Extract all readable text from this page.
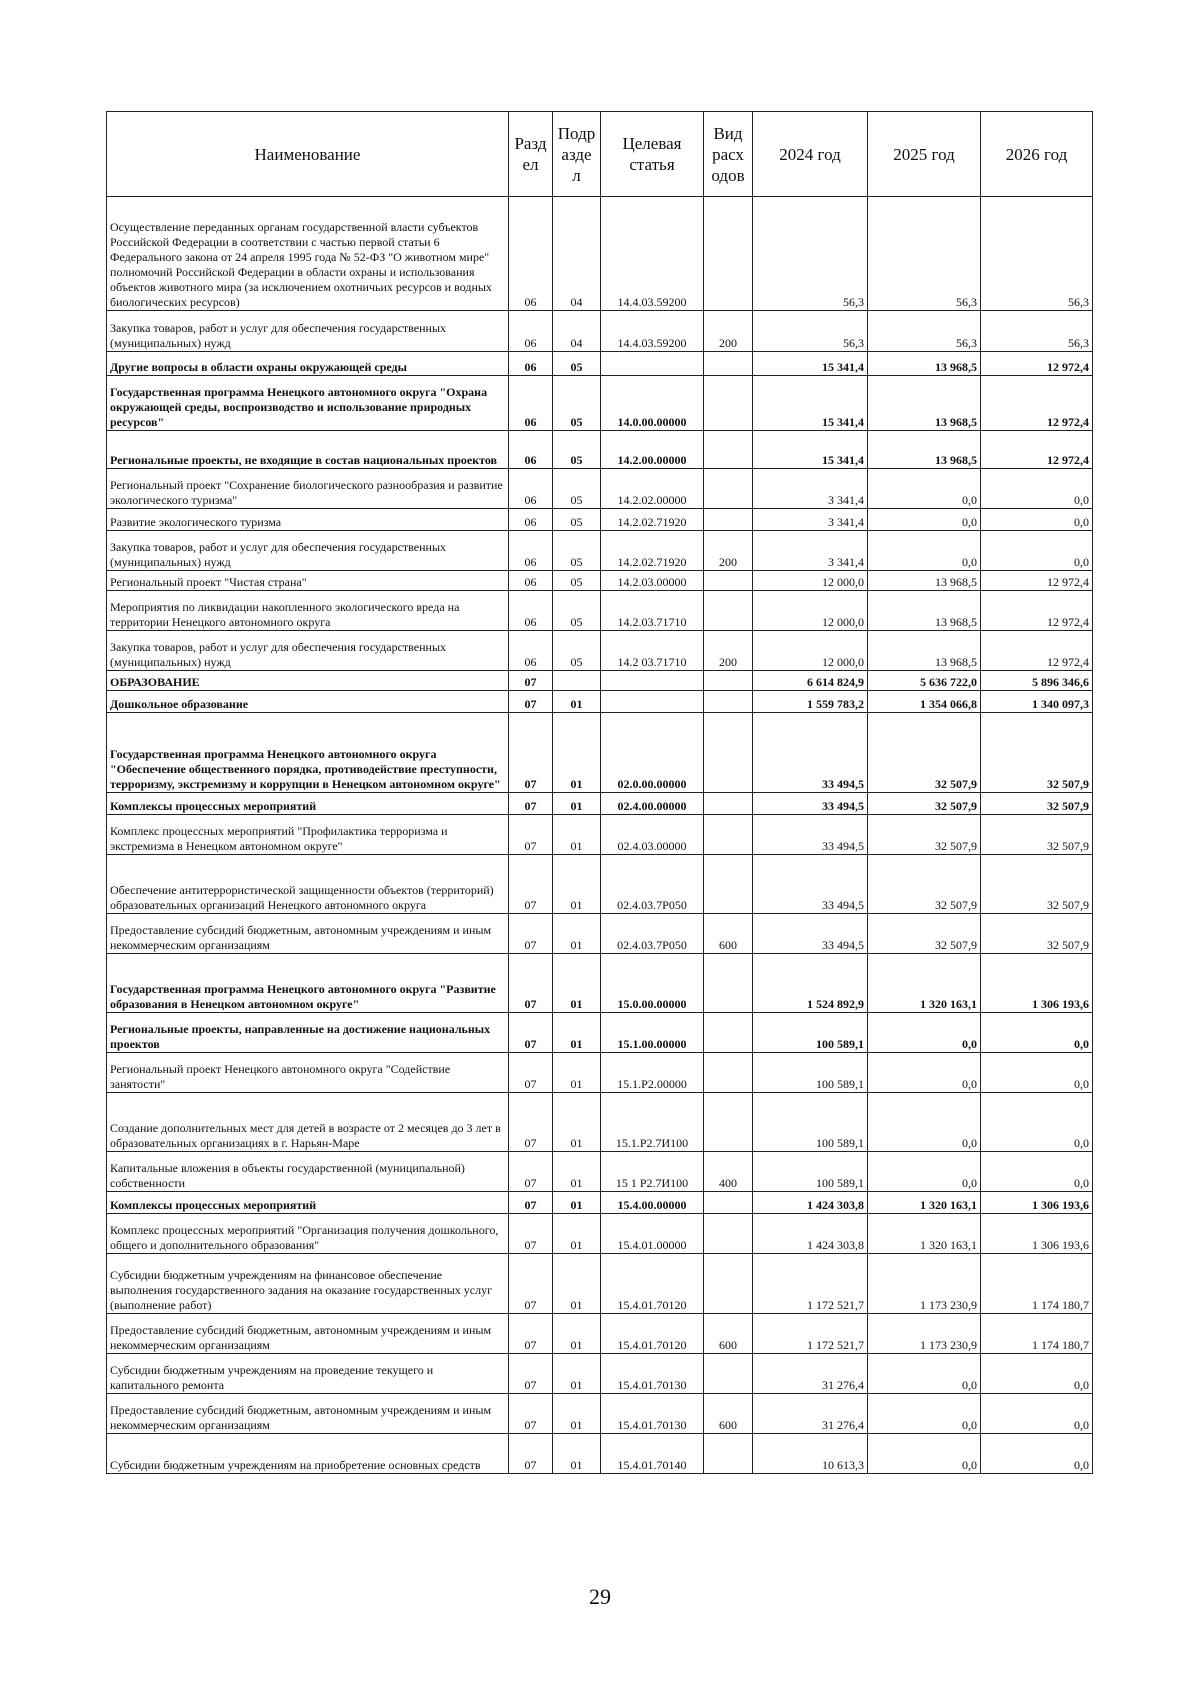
Наименование	Разд ел	Подр азде л	Целевая статья	Вид расх одов	2024 год	2025 год	2026 год
Осуществление переданных органам государственной власти субъектов Российской Федерации в соответствии с частью первой статьи 6 Федерального закона от 24 апреля 1995 года № 52-ФЗ "О животном мире" полномочий Российской Федерации в области охраны и использования объектов животного мира (за исключением охотничьих ресурсов и водных биологических ресурсов)	06	04	14.4.03.59200		56,3	56,3	56,3
Закупка товаров, работ и услуг для обеспечения государственных (муниципальных) нужд	06	04	14.4.03.59200	200	56,3	56,3	56,3
Другие вопросы в области охраны окружающей среды	06	05			15 341,4	13 968,5	12 972,4
Государственная программа Ненецкого автономного округа "Охрана окружающей среды, воспроизводство и использование природных ресурсов"	06	05	14.0.00.00000		15 341,4	13 968,5	12 972,4
Региональные проекты, не входящие в состав национальных проектов	06	05	14.2.00.00000		15 341,4	13 968,5	12 972,4
Региональный проект "Сохранение биологического разнообразия и развитие экологического туризма"	06	05	14.2.02.00000		3 341,4	0,0	0,0
Развитие экологического туризма	06	05	14.2.02.71920		3 341,4	0,0	0,0
Закупка товаров, работ и услуг для обеспечения государственных (муниципальных) нужд	06	05	14.2.02.71920	200	3 341,4	0,0	0,0
Региональный проект "Чистая страна"	06	05	14.2.03.00000		12 000,0	13 968,5	12 972,4
Мероприятия по ликвидации накопленного экологического вреда на территории Ненецкого автономного округа	06	05	14.2.03.71710		12 000,0	13 968,5	12 972,4
Закупка товаров, работ и услуг для обеспечения государственных (муниципальных) нужд	06	05	14.2 03.71710	200	12 000,0	13 968,5	12 972,4
ОБРАЗОВАНИЕ	07				6 614 824,9	5 636 722,0	5 896 346,6
Дошкольное образование	07	01			1 559 783,2	1 354 066,8	1 340 097,3
Государственная программа Ненецкого автономного округа "Обеспечение общественного порядка, противодействие преступности, терроризму, экстремизму и коррупции в Ненецком автономном округе"	07	01	02.0.00.00000		33 494,5	32 507,9	32 507,9
Комплексы процессных мероприятий	07	01	02.4.00.00000		33 494,5	32 507,9	32 507,9
Комплекс процессных мероприятий "Профилактика терроризма и экстремизма в Ненецком автономном округе"	07	01	02.4.03.00000		33 494,5	32 507,9	32 507,9
Обеспечение антитеррористической защищенности объектов (территорий) образовательных организаций Ненецкого автономного округа	07	01	02.4.03.7Р050		33 494,5	32 507,9	32 507,9
Предоставление субсидий бюджетным, автономным учреждениям и иным некоммерческим организациям	07	01	02.4.03.7Р050	600	33 494,5	32 507,9	32 507,9
Государственная программа Ненецкого автономного округа "Развитие образования в Ненецком автономном округе"	07	01	15.0.00.00000		1 524 892,9	1 320 163,1	1 306 193,6
Региональные проекты, направленные на достижение национальных проектов	07	01	15.1.00.00000		100 589,1	0,0	0,0
Региональный проект Ненецкого автономного округа "Содействие занятости"	07	01	15.1.Р2.00000		100 589,1	0,0	0,0
Создание дополнительных мест для детей в возрасте от 2 месяцев до 3 лет в образовательных организациях в г. Нарьян-Маре	07	01	15.1.Р2.7И100		100 589,1	0,0	0,0
Капитальные вложения в объекты государственной (муниципальной) собственности	07	01	15 1 Р2.7И100	400	100 589,1	0,0	0,0
Комплексы процессных мероприятий	07	01	15.4.00.00000		1 424 303,8	1 320 163,1	1 306 193,6
Комплекс процессных мероприятий "Организация получения дошкольного, общего и дополнительного образования"	07	01	15.4.01.00000		1 424 303,8	1 320 163,1	1 306 193,6
Субсидии бюджетным учреждениям на финансовое обеспечение выполнения государственного задания на оказание государственных услуг (выполнение работ)	07	01	15.4.01.70120		1 172 521,7	1 173 230,9	1 174 180,7
Предоставление субсидий бюджетным, автономным учреждениям и иным некоммерческим организациям	07	01	15.4.01.70120	600	1 172 521,7	1 173 230,9	1 174 180,7
Субсидии бюджетным учреждениям на проведение текущего и капитального ремонта	07	01	15.4.01.70130		31 276,4	0,0	0,0
Предоставление субсидий бюджетным, автономным учреждениям и иным некоммерческим организациям	07	01	15.4.01.70130	600	31 276,4	0,0	0,0
Субсидии бюджетным учреждениям на приобретение основных средств	07	01	15.4.01.70140		10 613,3	0,0	0,0
29
